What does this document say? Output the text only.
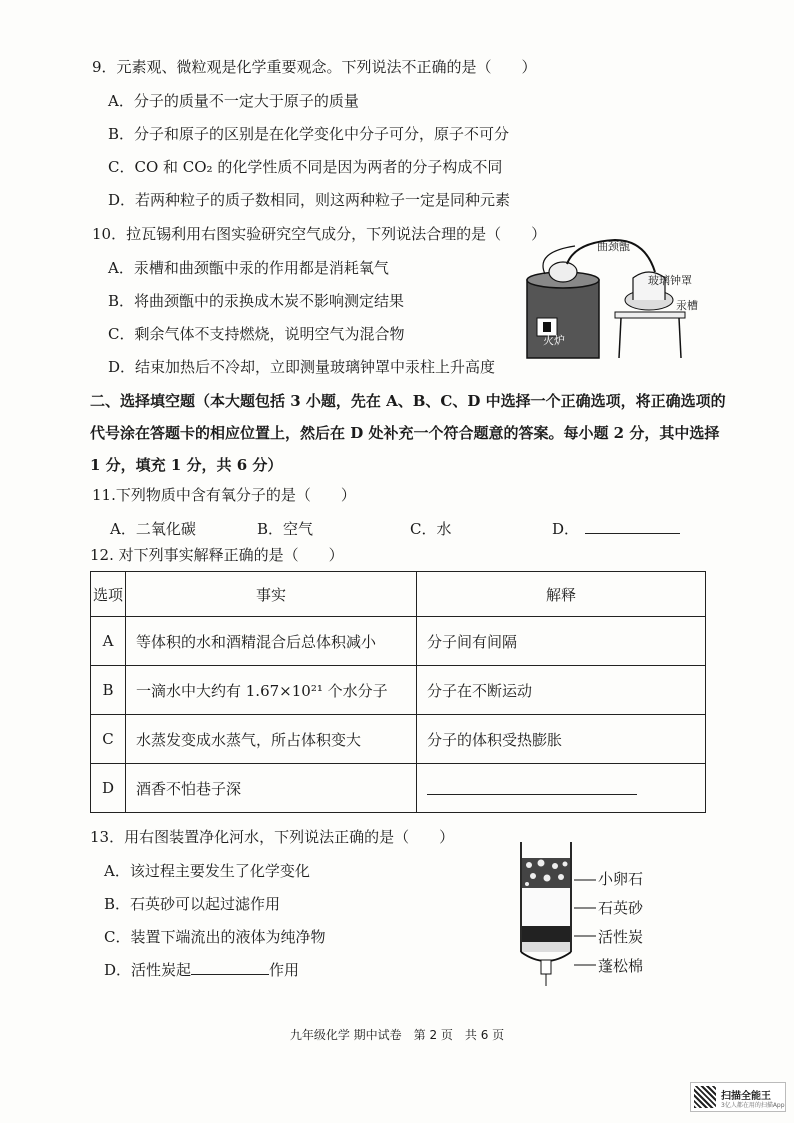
9．元素观、微粒观是化学重要观念。下列说法不正确的是（　　）
A．分子的质量不一定大于原子的质量
B．分子和原子的区别是在化学变化中分子可分，原子不可分
C．CO 和 CO₂ 的化学性质不同是因为两者的分子构成不同
D．若两种粒子的质子数相同，则这两种粒子一定是同种元素
10．拉瓦锡利用右图实验研究空气成分，下列说法合理的是（　　）
A．汞槽和曲颈甑中汞的作用都是消耗氧气
B．将曲颈甑中的汞换成木炭不影响测定结果
C．剩余气体不支持燃烧，说明空气为混合物
D．结束加热后不冷却，立即测量玻璃钟罩中汞柱上升高度
曲颈甑
玻璃钟罩
汞槽
火炉
二、选择填空题（本大题包括 3 小题，先在 A、B、C、D 中选择一个正确选项，将正确选项的
代号涂在答题卡的相应位置上，然后在 D 处补充一个符合题意的答案。每小题 2 分，其中选择
1 分，填充 1 分，共 6 分）
11.下列物质中含有氧分子的是（　　）
A．二氧化碳	B．空气	C．水	D．
12. 对下列事实解释正确的是（　　）
选项	事实	解释
A	等体积的水和酒精混合后总体积减小	分子间有间隔
B	一滴水中大约有 1.67×10²¹ 个水分子	分子在不断运动
C	水蒸发变成水蒸气，所占体积变大	分子的体积受热膨胀
D	酒香不怕巷子深	
13．用右图装置净化河水，下列说法正确的是（　　）
A．该过程主要发生了化学变化
B．石英砂可以起过滤作用
C．装置下端流出的液体为纯净物
D．活性炭起	作用
小卵石
石英砂
活性炭
蓬松棉
九年级化学 期中试卷　第 2 页　共 6 页
扫描全能王
3亿人都在用的扫描App
